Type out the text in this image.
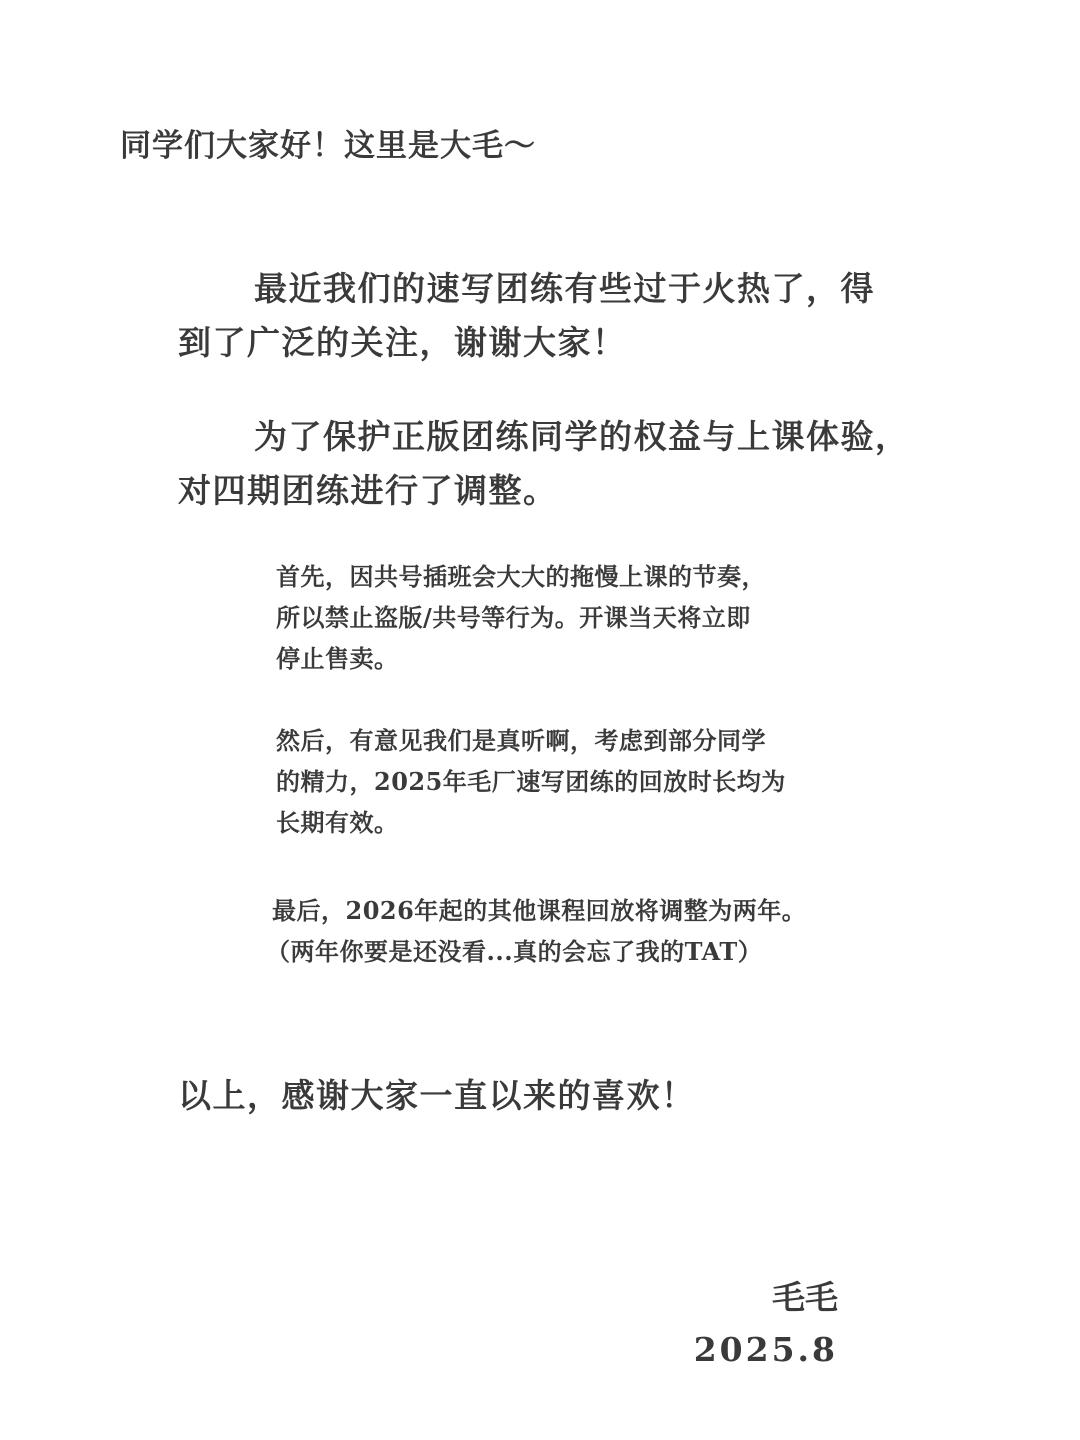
同学们大家好！这里是大毛～
最近我们的速写团练有些过于火热了，得
到了广泛的关注，谢谢大家！
为了保护正版团练同学的权益与上课体验，
对四期团练进行了调整。
首先，因共号插班会大大的拖慢上课的节奏，
所以禁止盗版/共号等行为。开课当天将立即
停止售卖。
然后，有意见我们是真听啊，考虑到部分同学
的精力，2025年毛厂速写团练的回放时长均为
长期有效。
最后，2026年起的其他课程回放将调整为两年。
（两年你要是还没看...真的会忘了我的TAT）
以上，感谢大家一直以来的喜欢！
毛毛
2025.8
